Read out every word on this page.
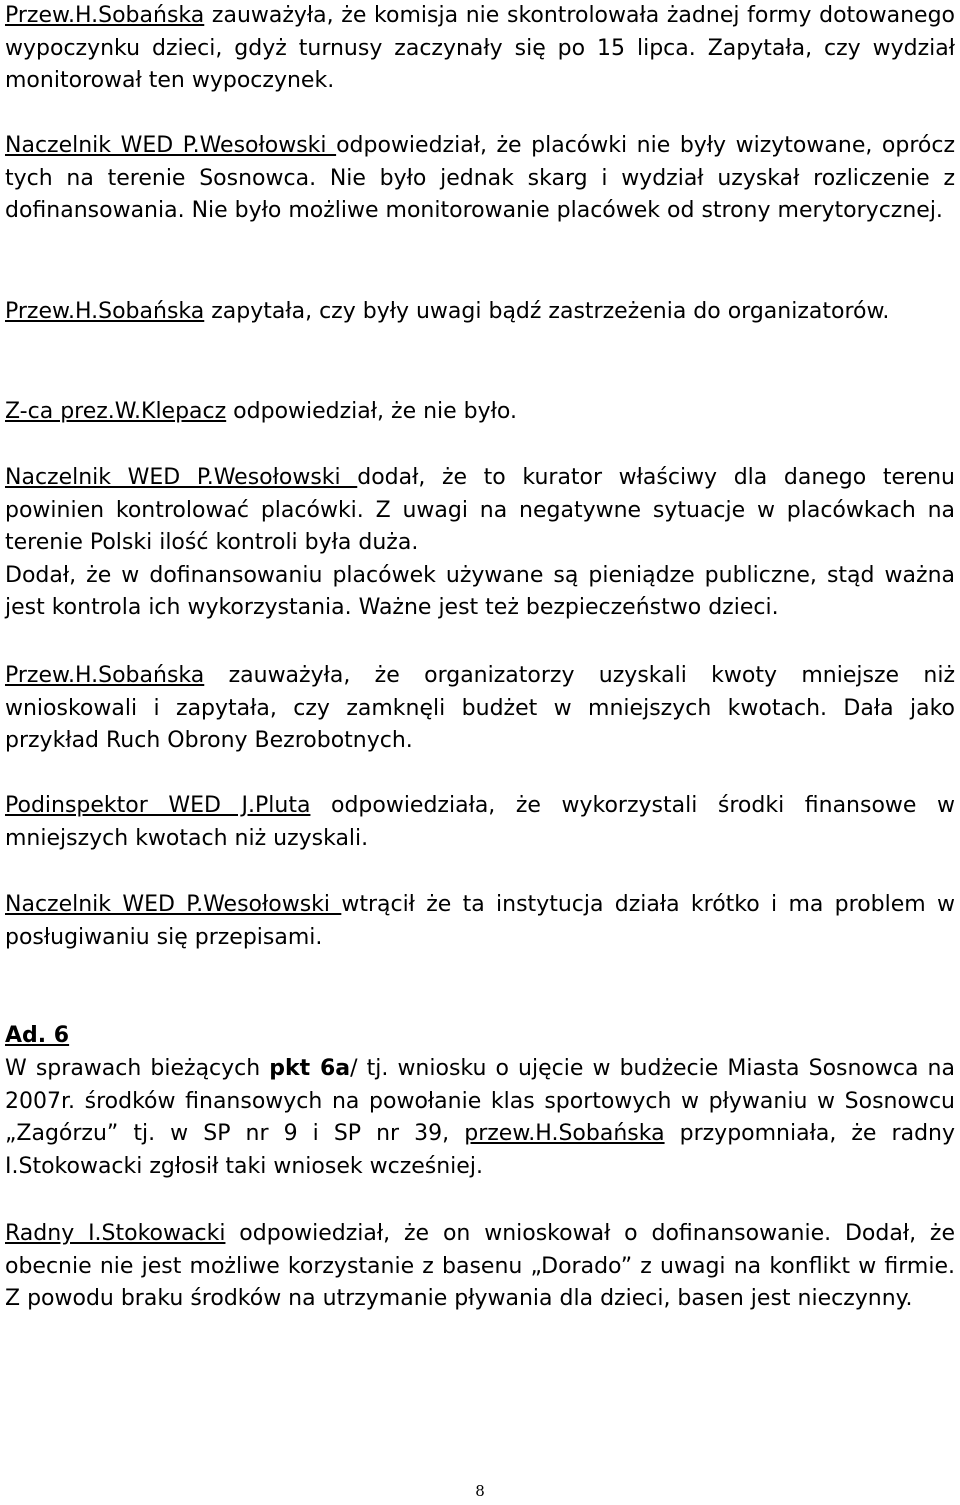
Przew.H.Sobańska zauważyła, że komisja nie skontrolowała żadnej formy dotowanego wypoczynku dzieci, gdyż turnusy zaczynały się po 15 lipca. Zapytała, czy wydział monitorował ten wypoczynek.

Naczelnik WED P.Wesołowski odpowiedział, że placówki nie były wizytowane, oprócz tych na terenie Sosnowca. Nie było jednak skarg i wydział uzyskał rozliczenie z dofinansowania. Nie było możliwe monitorowanie placówek od strony merytorycznej.

Przew.H.Sobańska zapytała, czy były uwagi bądź zastrzeżenia do organizatorów.

Z-ca prez.W.Klepacz odpowiedział, że nie było.

Naczelnik WED P.Wesołowski dodał, że to kurator właściwy dla danego terenu powinien kontrolować placówki. Z uwagi na negatywne sytuacje w placówkach na terenie Polski ilość kontroli była duża.
Dodał, że w dofinansowaniu placówek używane są pieniądze publiczne, stąd ważna jest kontrola ich wykorzystania. Ważne jest też bezpieczeństwo dzieci.

Przew.H.Sobańska zauważyła, że organizatorzy uzyskali kwoty mniejsze niż wnioskowali i zapytała, czy zamknęli budżet w mniejszych kwotach. Dała jako przykład Ruch Obrony Bezrobotnych.

Podinspektor WED J.Pluta odpowiedziała, że wykorzystali środki finansowe w mniejszych kwotach niż uzyskali.

Naczelnik WED P.Wesołowski wtrącił że ta instytucja działa krótko i ma problem w posługiwaniu się przepisami.

Ad. 6

W sprawach bieżących pkt 6a/ tj. wniosku o ujęcie w budżecie Miasta Sosnowca na 2007r. środków finansowych na powołanie klas sportowych w pływaniu w Sosnowcu „Zagórzu” tj. w SP nr 9 i SP nr 39, przew.H.Sobańska przypomniała, że radny I.Stokowacki zgłosił taki wniosek wcześniej.

Radny I.Stokowacki odpowiedział, że on wnioskował o dofinansowanie. Dodał, że obecnie nie jest możliwe korzystanie z basenu „Dorado” z uwagi na konflikt w firmie. Z powodu braku środków na utrzymanie pływania dla dzieci, basen jest nieczynny.

8
